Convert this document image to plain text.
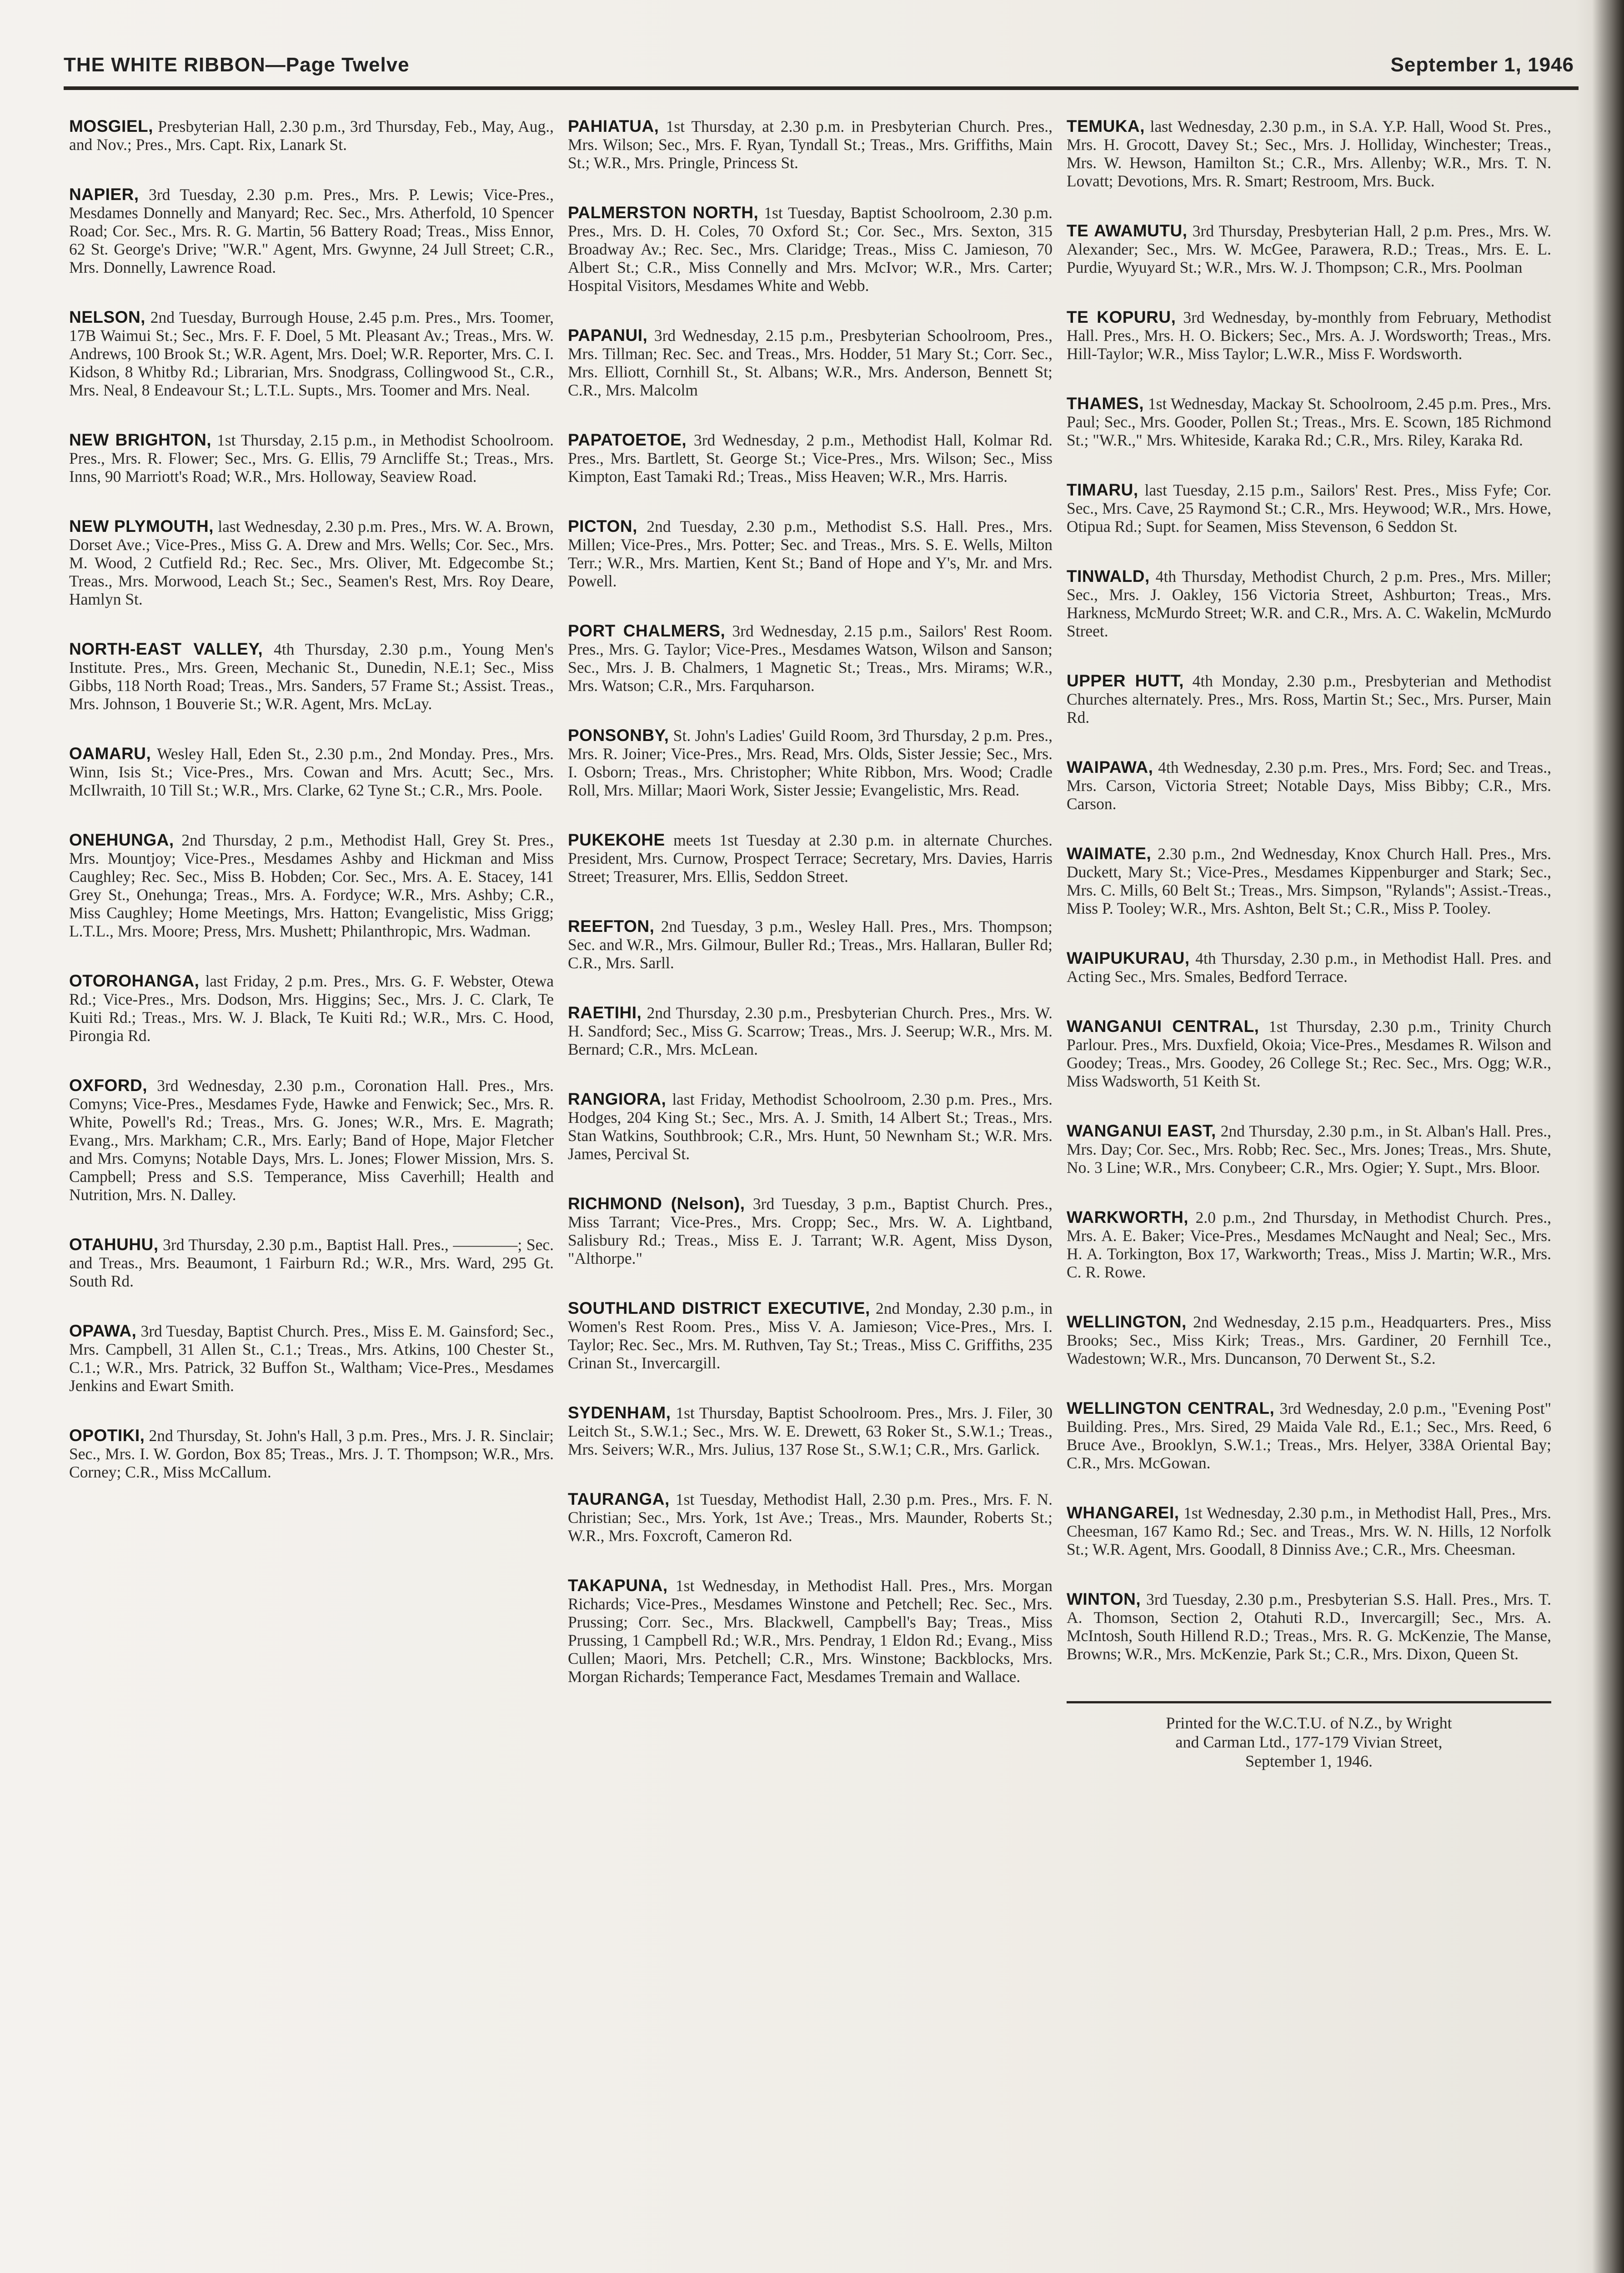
THE WHITE RIBBON—Page Twelve	September 1, 1946
MOSGIEL, Presbyterian Hall, 2.30 p.m., 3rd Thursday, Feb., May, Aug., and Nov.; Pres., Mrs. Capt. Rix, Lanark St.
NAPIER, 3rd Tuesday, 2.30 p.m. Pres., Mrs. P. Lewis; Vice-Pres., Mesdames Donnelly and Manyard; Rec. Sec., Mrs. Atherfold, 10 Spencer Road; Cor. Sec., Mrs. R. G. Martin, 56 Battery Road; Treas., Miss Ennor, 62 St. George's Drive; "W.R." Agent, Mrs. Gwynne, 24 Jull Street; C.R., Mrs. Donnelly, Lawrence Road.
NELSON, 2nd Tuesday, Burrough House, 2.45 p.m. Pres., Mrs. Toomer, 17B Waimui St.; Sec., Mrs. F. F. Doel, 5 Mt. Pleasant Av.; Treas., Mrs. W. Andrews, 100 Brook St.; W.R. Agent, Mrs. Doel; W.R. Reporter, Mrs. C. I. Kidson, 8 Whitby Rd.; Librarian, Mrs. Snodgrass, Collingwood St., C.R., Mrs. Neal, 8 Endeavour St.; L.T.L. Supts., Mrs. Toomer and Mrs. Neal.
NEW BRIGHTON, 1st Thursday, 2.15 p.m., in Methodist Schoolroom. Pres., Mrs. R. Flower; Sec., Mrs. G. Ellis, 79 Arncliffe St.; Treas., Mrs. Inns, 90 Marriott's Road; W.R., Mrs. Holloway, Seaview Road.
NEW PLYMOUTH, last Wednesday, 2.30 p.m. Pres., Mrs. W. A. Brown, Dorset Ave.; Vice-Pres., Miss G. A. Drew and Mrs. Wells; Cor. Sec., Mrs. M. Wood, 2 Cutfield Rd.; Rec. Sec., Mrs. Oliver, Mt. Edgecombe St.; Treas., Mrs. Morwood, Leach St.; Sec., Seamen's Rest, Mrs. Roy Deare, Hamlyn St.
NORTH-EAST VALLEY, 4th Thursday, 2.30 p.m., Young Men's Institute. Pres., Mrs. Green, Mechanic St., Dunedin, N.E.1; Sec., Miss Gibbs, 118 North Road; Treas., Mrs. Sanders, 57 Frame St.; Assist. Treas., Mrs. Johnson, 1 Bouverie St.; W.R. Agent, Mrs. McLay.
OAMARU, Wesley Hall, Eden St., 2.30 p.m., 2nd Monday. Pres., Mrs. Winn, Isis St.; Vice-Pres., Mrs. Cowan and Mrs. Acutt; Sec., Mrs. McIlwraith, 10 Till St.; W.R., Mrs. Clarke, 62 Tyne St.; C.R., Mrs. Poole.
ONEHUNGA, 2nd Thursday, 2 p.m., Methodist Hall, Grey St. Pres., Mrs. Mountjoy; Vice-Pres., Mesdames Ashby and Hickman and Miss Caughley; Rec. Sec., Miss B. Hobden; Cor. Sec., Mrs. A. E. Stacey, 141 Grey St., Onehunga; Treas., Mrs. A. Fordyce; W.R., Mrs. Ashby; C.R., Miss Caughley; Home Meetings, Mrs. Hatton; Evangelistic, Miss Grigg; L.T.L., Mrs. Moore; Press, Mrs. Mushett; Philanthropic, Mrs. Wadman.
OTOROHANGA, last Friday, 2 p.m. Pres., Mrs. G. F. Webster, Otewa Rd.; Vice-Pres., Mrs. Dodson, Mrs. Higgins; Sec., Mrs. J. C. Clark, Te Kuiti Rd.; Treas., Mrs. W. J. Black, Te Kuiti Rd.; W.R., Mrs. C. Hood, Pirongia Rd.
OXFORD, 3rd Wednesday, 2.30 p.m., Coronation Hall. Pres., Mrs. Comyns; Vice-Pres., Mesdames Fyde, Hawke and Fenwick; Sec., Mrs. R. White, Powell's Rd.; Treas., Mrs. G. Jones; W.R., Mrs. E. Magrath; Evang., Mrs. Markham; C.R., Mrs. Early; Band of Hope, Major Fletcher and Mrs. Comyns; Notable Days, Mrs. L. Jones; Flower Mission, Mrs. S. Campbell; Press and S.S. Temperance, Miss Caverhill; Health and Nutrition, Mrs. N. Dalley.
OTAHUHU, 3rd Thursday, 2.30 p.m., Baptist Hall. Pres., ————; Sec. and Treas., Mrs. Beaumont, 1 Fairburn Rd.; W.R., Mrs. Ward, 295 Gt. South Rd.
OPAWA, 3rd Tuesday, Baptist Church. Pres., Miss E. M. Gainsford; Sec., Mrs. Campbell, 31 Allen St., C.1.; Treas., Mrs. Atkins, 100 Chester St., C.1.; W.R., Mrs. Patrick, 32 Buffon St., Waltham; Vice-Pres., Mesdames Jenkins and Ewart Smith.
OPOTIKI, 2nd Thursday, St. John's Hall, 3 p.m. Pres., Mrs. J. R. Sinclair; Sec., Mrs. I. W. Gordon, Box 85; Treas., Mrs. J. T. Thompson; W.R., Mrs. Corney; C.R., Miss McCallum.
PAHIATUA, 1st Thursday, at 2.30 p.m. in Presbyterian Church. Pres., Mrs. Wilson; Sec., Mrs. F. Ryan, Tyndall St.; Treas., Mrs. Griffiths, Main St.; W.R., Mrs. Pringle, Princess St.
PALMERSTON NORTH, 1st Tuesday, Baptist Schoolroom, 2.30 p.m. Pres., Mrs. D. H. Coles, 70 Oxford St.; Cor. Sec., Mrs. Sexton, 315 Broadway Av.; Rec. Sec., Mrs. Claridge; Treas., Miss C. Jamieson, 70 Albert St.; C.R., Miss Connelly and Mrs. McIvor; W.R., Mrs. Carter; Hospital Visitors, Mesdames White and Webb.
PAPANUI, 3rd Wednesday, 2.15 p.m., Presbyterian Schoolroom, Pres., Mrs. Tillman; Rec. Sec. and Treas., Mrs. Hodder, 51 Mary St.; Corr. Sec., Mrs. Elliott, Cornhill St., St. Albans; W.R., Mrs. Anderson, Bennett St; C.R., Mrs. Malcolm
PAPATOETOE, 3rd Wednesday, 2 p.m., Methodist Hall, Kolmar Rd. Pres., Mrs. Bartlett, St. George St.; Vice-Pres., Mrs. Wilson; Sec., Miss Kimpton, East Tamaki Rd.; Treas., Miss Heaven; W.R., Mrs. Harris.
PICTON, 2nd Tuesday, 2.30 p.m., Methodist S.S. Hall. Pres., Mrs. Millen; Vice-Pres., Mrs. Potter; Sec. and Treas., Mrs. S. E. Wells, Milton Terr.; W.R., Mrs. Martien, Kent St.; Band of Hope and Y's, Mr. and Mrs. Powell.
PORT CHALMERS, 3rd Wednesday, 2.15 p.m., Sailors' Rest Room. Pres., Mrs. G. Taylor; Vice-Pres., Mesdames Watson, Wilson and Sanson; Sec., Mrs. J. B. Chalmers, 1 Magnetic St.; Treas., Mrs. Mirams; W.R., Mrs. Watson; C.R., Mrs. Farquharson.
PONSONBY, St. John's Ladies' Guild Room, 3rd Thursday, 2 p.m. Pres., Mrs. R. Joiner; Vice-Pres., Mrs. Read, Mrs. Olds, Sister Jessie; Sec., Mrs. I. Osborn; Treas., Mrs. Christopher; White Ribbon, Mrs. Wood; Cradle Roll, Mrs. Millar; Maori Work, Sister Jessie; Evangelistic, Mrs. Read.
PUKEKOHE meets 1st Tuesday at 2.30 p.m. in alternate Churches. President, Mrs. Curnow, Prospect Terrace; Secretary, Mrs. Davies, Harris Street; Treasurer, Mrs. Ellis, Seddon Street.
REEFTON, 2nd Tuesday, 3 p.m., Wesley Hall. Pres., Mrs. Thompson; Sec. and W.R., Mrs. Gilmour, Buller Rd.; Treas., Mrs. Hallaran, Buller Rd; C.R., Mrs. Sarll.
RAETIHI, 2nd Thursday, 2.30 p.m., Presbyterian Church. Pres., Mrs. W. H. Sandford; Sec., Miss G. Scarrow; Treas., Mrs. J. Seerup; W.R., Mrs. M. Bernard; C.R., Mrs. McLean.
RANGIORA, last Friday, Methodist Schoolroom, 2.30 p.m. Pres., Mrs. Hodges, 204 King St.; Sec., Mrs. A. J. Smith, 14 Albert St.; Treas., Mrs. Stan Watkins, Southbrook; C.R., Mrs. Hunt, 50 Newnham St.; W.R. Mrs. James, Percival St.
RICHMOND (Nelson), 3rd Tuesday, 3 p.m., Baptist Church. Pres., Miss Tarrant; Vice-Pres., Mrs. Cropp; Sec., Mrs. W. A. Lightband, Salisbury Rd.; Treas., Miss E. J. Tarrant; W.R. Agent, Miss Dyson, "Althorpe."
SOUTHLAND DISTRICT EXECUTIVE, 2nd Monday, 2.30 p.m., in Women's Rest Room. Pres., Miss V. A. Jamieson; Vice-Pres., Mrs. I. Taylor; Rec. Sec., Mrs. M. Ruthven, Tay St.; Treas., Miss C. Griffiths, 235 Crinan St., Invercargill.
SYDENHAM, 1st Thursday, Baptist Schoolroom. Pres., Mrs. J. Filer, 30 Leitch St., S.W.1.; Sec., Mrs. W. E. Drewett, 63 Roker St., S.W.1.; Treas., Mrs. Seivers; W.R., Mrs. Julius, 137 Rose St., S.W.1; C.R., Mrs. Garlick.
TAURANGA, 1st Tuesday, Methodist Hall, 2.30 p.m. Pres., Mrs. F. N. Christian; Sec., Mrs. York, 1st Ave.; Treas., Mrs. Maunder, Roberts St.; W.R., Mrs. Foxcroft, Cameron Rd.
TAKAPUNA, 1st Wednesday, in Methodist Hall. Pres., Mrs. Morgan Richards; Vice-Pres., Mesdames Winstone and Petchell; Rec. Sec., Mrs. Prussing; Corr. Sec., Mrs. Blackwell, Campbell's Bay; Treas., Miss Prussing, 1 Campbell Rd.; W.R., Mrs. Pendray, 1 Eldon Rd.; Evang., Miss Cullen; Maori, Mrs. Petchell; C.R., Mrs. Winstone; Backblocks, Mrs. Morgan Richards; Temperance Fact, Mesdames Tremain and Wallace.
TEMUKA, last Wednesday, 2.30 p.m., in S.A. Y.P. Hall, Wood St. Pres., Mrs. H. Grocott, Davey St.; Sec., Mrs. J. Holliday, Winchester; Treas., Mrs. W. Hewson, Hamilton St.; C.R., Mrs. Allenby; W.R., Mrs. T. N. Lovatt; Devotions, Mrs. R. Smart; Restroom, Mrs. Buck.
TE AWAMUTU, 3rd Thursday, Presbyterian Hall, 2 p.m. Pres., Mrs. W. Alexander; Sec., Mrs. W. McGee, Parawera, R.D.; Treas., Mrs. E. L. Purdie, Wyuyard St.; W.R., Mrs. W. J. Thompson; C.R., Mrs. Poolman
TE KOPURU, 3rd Wednesday, by-monthly from February, Methodist Hall. Pres., Mrs. H. O. Bickers; Sec., Mrs. A. J. Wordsworth; Treas., Mrs. Hill-Taylor; W.R., Miss Taylor; L.W.R., Miss F. Wordsworth.
THAMES, 1st Wednesday, Mackay St. Schoolroom, 2.45 p.m. Pres., Mrs. Paul; Sec., Mrs. Gooder, Pollen St.; Treas., Mrs. E. Scown, 185 Richmond St.; "W.R.," Mrs. Whiteside, Karaka Rd.; C.R., Mrs. Riley, Karaka Rd.
TIMARU, last Tuesday, 2.15 p.m., Sailors' Rest. Pres., Miss Fyfe; Cor. Sec., Mrs. Cave, 25 Raymond St.; C.R., Mrs. Heywood; W.R., Mrs. Howe, Otipua Rd.; Supt. for Seamen, Miss Stevenson, 6 Seddon St.
TINWALD, 4th Thursday, Methodist Church, 2 p.m. Pres., Mrs. Miller; Sec., Mrs. J. Oakley, 156 Victoria Street, Ashburton; Treas., Mrs. Harkness, McMurdo Street; W.R. and C.R., Mrs. A. C. Wakelin, McMurdo Street.
UPPER HUTT, 4th Monday, 2.30 p.m., Presbyterian and Methodist Churches alternately. Pres., Mrs. Ross, Martin St.; Sec., Mrs. Purser, Main Rd.
WAIPAWA, 4th Wednesday, 2.30 p.m. Pres., Mrs. Ford; Sec. and Treas., Mrs. Carson, Victoria Street; Notable Days, Miss Bibby; C.R., Mrs. Carson.
WAIMATE, 2.30 p.m., 2nd Wednesday, Knox Church Hall. Pres., Mrs. Duckett, Mary St.; Vice-Pres., Mesdames Kippenburger and Stark; Sec., Mrs. C. Mills, 60 Belt St.; Treas., Mrs. Simpson, "Rylands"; Assist.-Treas., Miss P. Tooley; W.R., Mrs. Ashton, Belt St.; C.R., Miss P. Tooley.
WAIPUKURAU, 4th Thursday, 2.30 p.m., in Methodist Hall. Pres. and Acting Sec., Mrs. Smales, Bedford Terrace.
WANGANUI CENTRAL, 1st Thursday, 2.30 p.m., Trinity Church Parlour. Pres., Mrs. Duxfield, Okoia; Vice-Pres., Mesdames R. Wilson and Goodey; Treas., Mrs. Goodey, 26 College St.; Rec. Sec., Mrs. Ogg; W.R., Miss Wadsworth, 51 Keith St.
WANGANUI EAST, 2nd Thursday, 2.30 p.m., in St. Alban's Hall. Pres., Mrs. Day; Cor. Sec., Mrs. Robb; Rec. Sec., Mrs. Jones; Treas., Mrs. Shute, No. 3 Line; W.R., Mrs. Conybeer; C.R., Mrs. Ogier; Y. Supt., Mrs. Bloor.
WARKWORTH, 2.0 p.m., 2nd Thursday, in Methodist Church. Pres., Mrs. A. E. Baker; Vice-Pres., Mesdames McNaught and Neal; Sec., Mrs. H. A. Torkington, Box 17, Warkworth; Treas., Miss J. Martin; W.R., Mrs. C. R. Rowe.
WELLINGTON, 2nd Wednesday, 2.15 p.m., Headquarters. Pres., Miss Brooks; Sec., Miss Kirk; Treas., Mrs. Gardiner, 20 Fernhill Tce., Wadestown; W.R., Mrs. Duncanson, 70 Derwent St., S.2.
WELLINGTON CENTRAL, 3rd Wednesday, 2.0 p.m., "Evening Post" Building. Pres., Mrs. Sired, 29 Maida Vale Rd., E.1.; Sec., Mrs. Reed, 6 Bruce Ave., Brooklyn, S.W.1.; Treas., Mrs. Helyer, 338A Oriental Bay; C.R., Mrs. McGowan.
WHANGAREI, 1st Wednesday, 2.30 p.m., in Methodist Hall, Pres., Mrs. Cheesman, 167 Kamo Rd.; Sec. and Treas., Mrs. W. N. Hills, 12 Norfolk St.; W.R. Agent, Mrs. Goodall, 8 Dinniss Ave.; C.R., Mrs. Cheesman.
WINTON, 3rd Tuesday, 2.30 p.m., Presbyterian S.S. Hall. Pres., Mrs. T. A. Thomson, Section 2, Otahuti R.D., Invercargill; Sec., Mrs. A. McIntosh, South Hillend R.D.; Treas., Mrs. R. G. McKenzie, The Manse, Browns; W.R., Mrs. McKenzie, Park St.; C.R., Mrs. Dixon, Queen St.
Printed for the W.C.T.U. of N.Z., by Wright
and Carman Ltd., 177-179 Vivian Street,
September 1, 1946.
